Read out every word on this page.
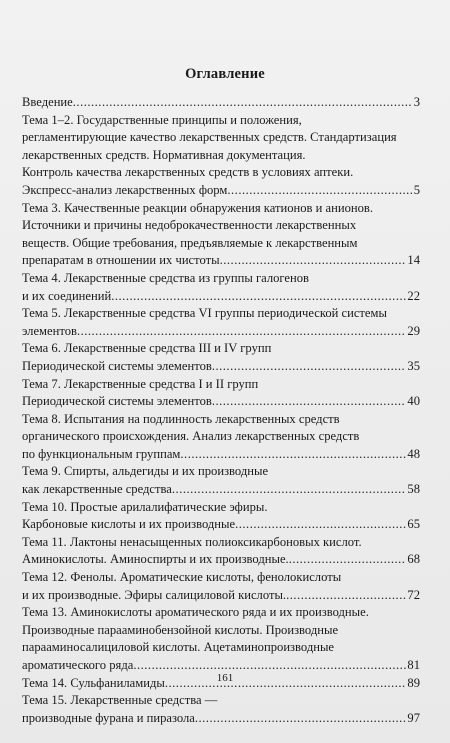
Оглавление
Введение .....	3
Тема 1–2. Государственные принципы и положения,
регламентирующие качество лекарственных средств. Стандартизация
лекарственных средств. Нормативная документация.
Контроль качества лекарственных средств в условиях аптеки.
Экспресс-анализ лекарственных форм .....	5
Тема 3. Качественные реакции обнаружения катионов и анионов.
Источники и причины недоброкачественности лекарственных
веществ. Общие требования, предъявляемые к лекарственным
препаратам в отношении их чистоты .....	14
Тема 4. Лекарственные средства из группы галогенов
и их соединений .....	22
Тема 5. Лекарственные средства VI группы периодической системы
элементов .....	29
Тема 6. Лекарственные средства III и IV групп
Периодической системы элементов .....	35
Тема 7. Лекарственные средства I и II групп
Периодической системы элементов .....	40
Тема 8. Испытания на подлинность лекарственных средств
органического происхождения. Анализ лекарственных средств
по функциональным группам .....	48
Тема 9. Спирты, альдегиды и их производные
как лекарственные средства .....	58
Тема 10. Простые арилалифатические эфиры.
Карбоновые кислоты и их производные .....	65
Тема 11. Лактоны ненасыщенных полиоксикарбоновых кислот.
Аминокислоты. Аминоспирты и их производные. .....	68
Тема 12. Фенолы. Ароматические кислоты, фенолокислоты
и их производные. Эфиры салициловой кислоты. .....	72
Тема 13. Аминокислоты ароматического ряда и их производные.
Производные парааминобензойной кислоты. Производные
парааминосалициловой кислоты. Ацетаминопроизводные
ароматического ряда .....	81
Тема 14. Сульфаниламиды .....	89
Тема 15. Лекарственные средства —
производные фурана и пиразола .....	97
161
